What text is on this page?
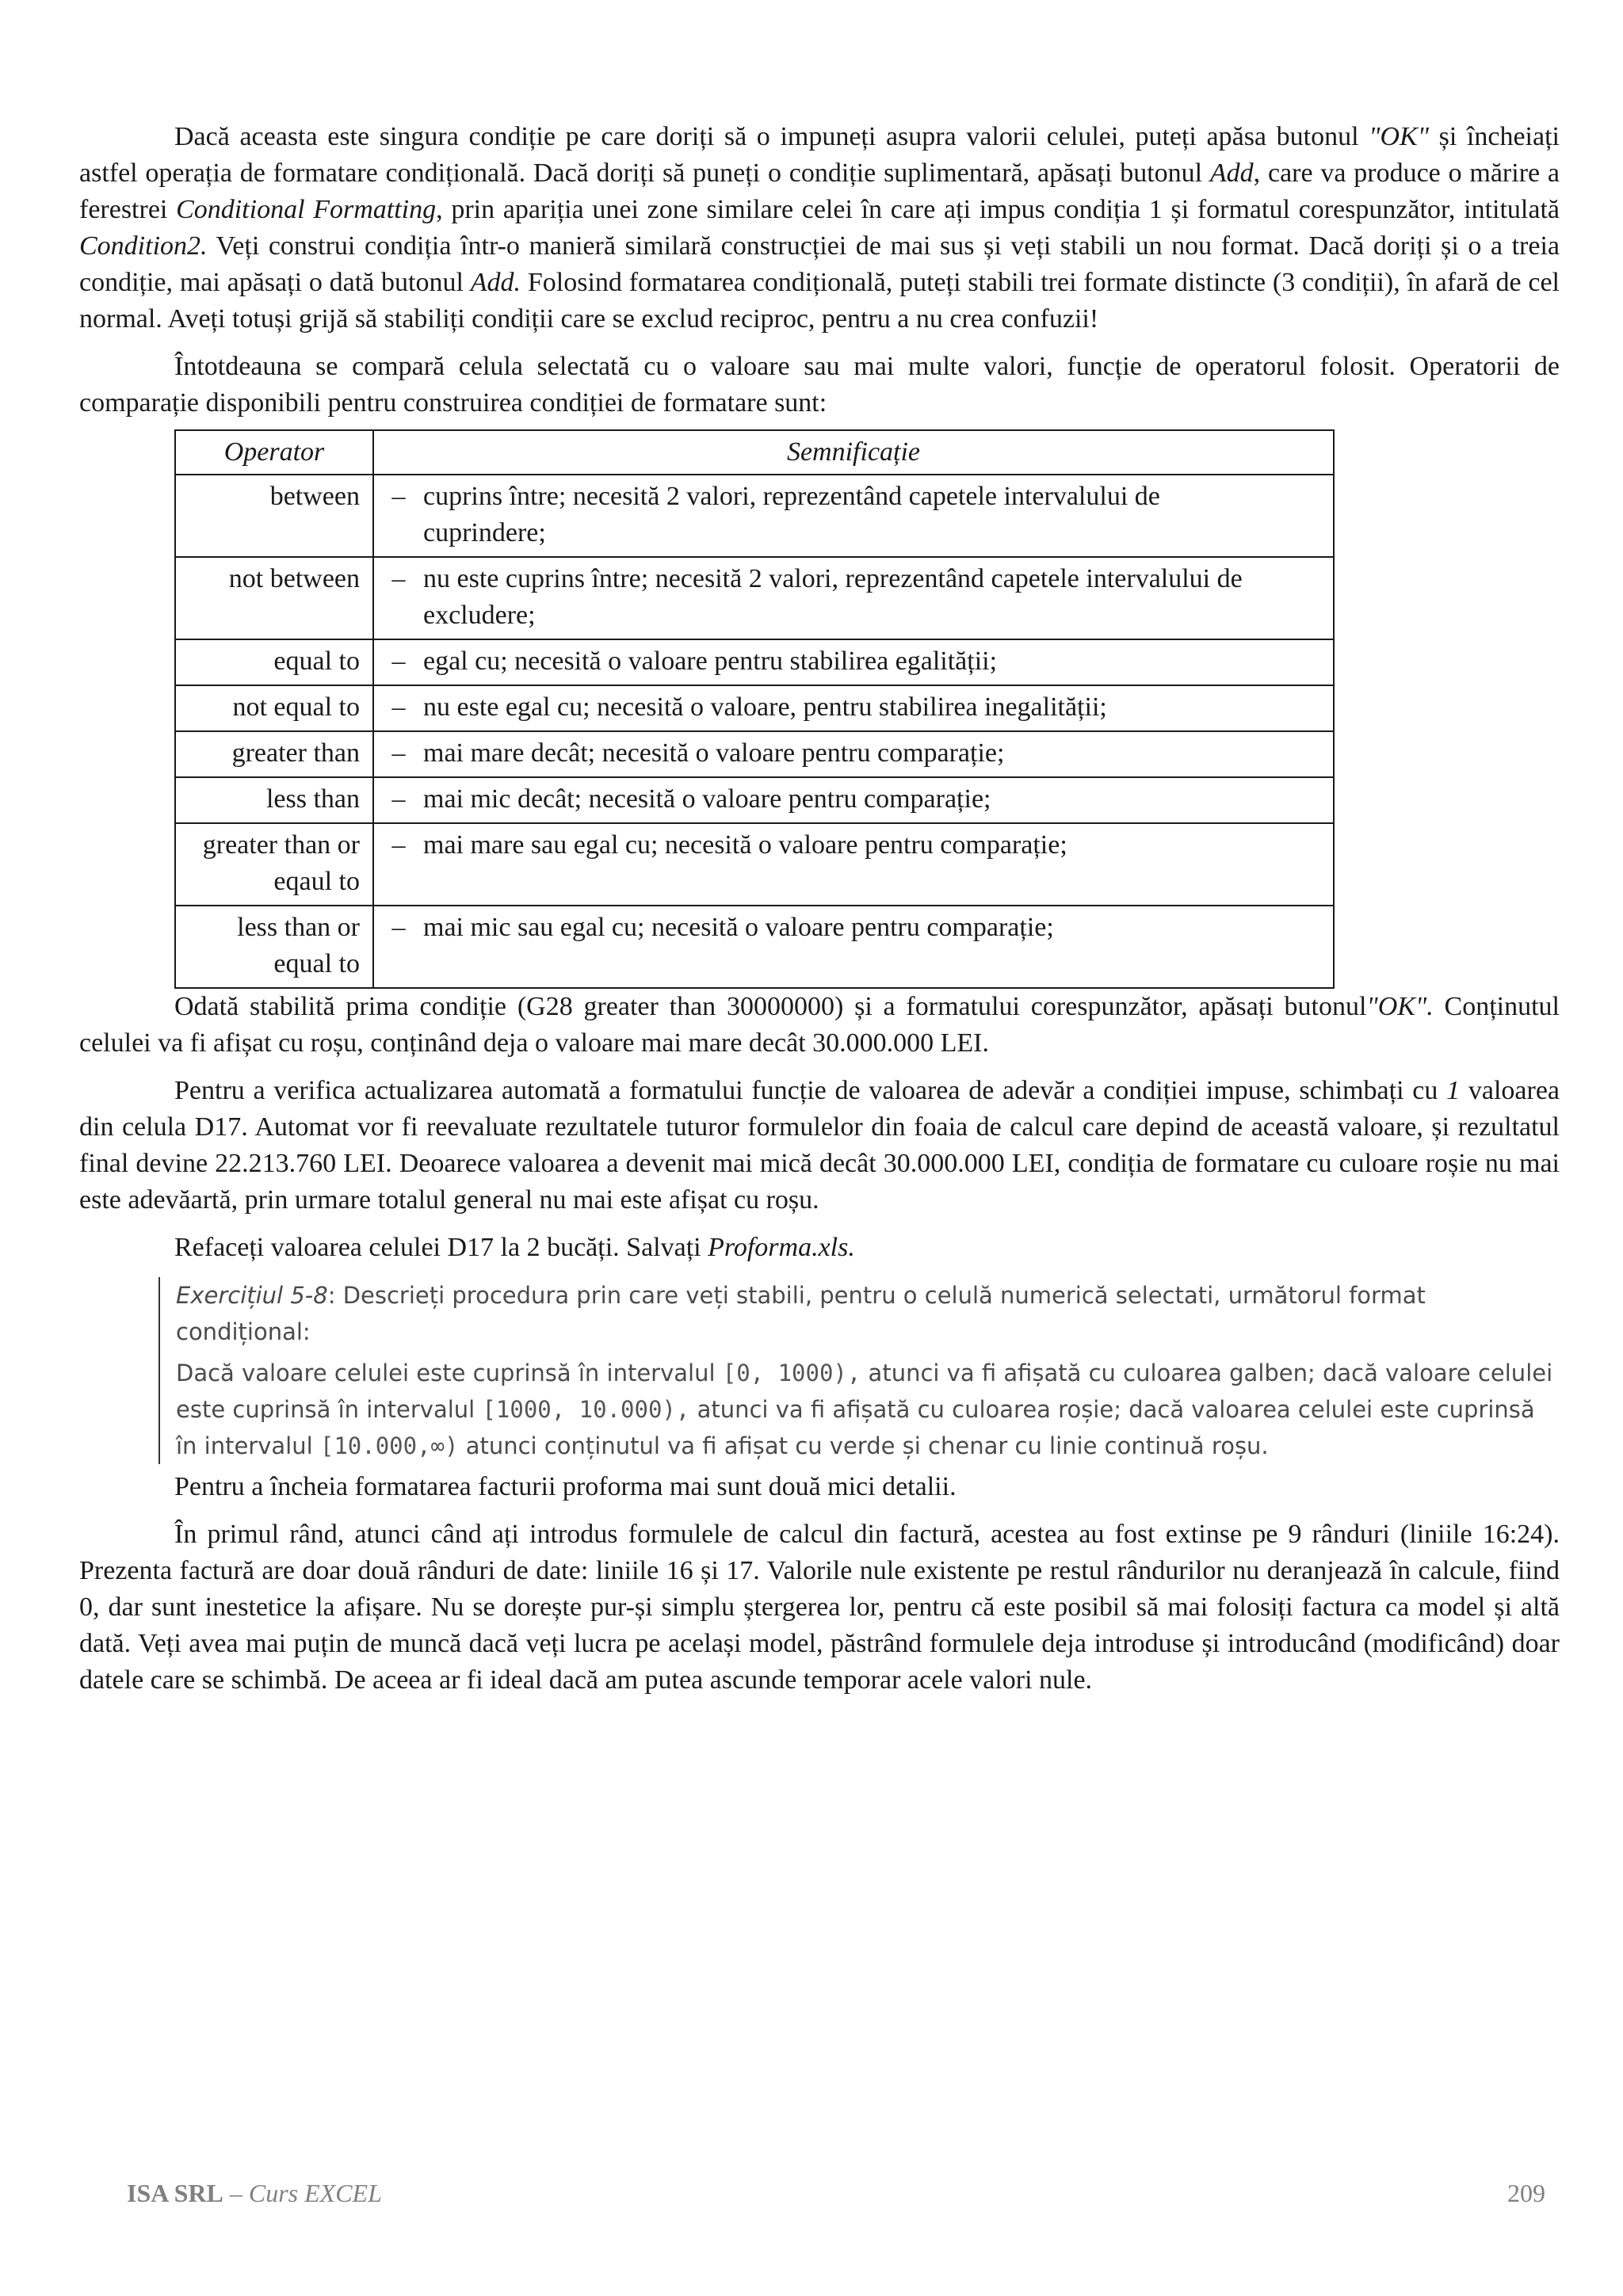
Dacă aceasta este singura condiție pe care doriți să o impuneți asupra valorii celulei, puteți apăsa butonul "OK" și încheiați astfel operația de formatare condițională. Dacă doriți să puneți o condiție suplimentară, apăsați butonul Add, care va produce o mărire a ferestrei Conditional Formatting, prin apariția unei zone similare celei în care ați impus condiția 1 și formatul corespunzător, intitulată Condition2. Veți construi condiția într-o manieră similară construcției de mai sus și veți stabili un nou format. Dacă doriți și o a treia condiție, mai apăsați o dată butonul Add. Folosind formatarea condițională, puteți stabili trei formate distincte (3 condiții), în afară de cel normal. Aveți totuși grijă să stabiliți condiții care se exclud reciproc, pentru a nu crea confuzii!

Întotdeauna se compară celula selectată cu o valoare sau mai multe valori, funcție de operatorul folosit. Operatorii de comparație disponibili pentru construirea condiției de formatare sunt:

Operator	Semnificație
between	– cuprins între; necesită 2 valori, reprezentând capetele intervalului de cuprindere;

not between	– nu este cuprins între; necesită 2 valori, reprezentând capetele intervalului de excludere;

equal to	– egal cu; necesită o valoare pentru stabilirea egalității;

not equal to	– nu este egal cu; necesită o valoare, pentru stabilirea inegalității;

greater than	– mai mare decât; necesită o valoare pentru comparație;

less than	– mai mic decât; necesită o valoare pentru comparație;

greater than or eqaul to	– mai mare sau egal cu; necesită o valoare pentru comparație;

less than or equal to	– mai mic sau egal cu; necesită o valoare pentru comparație;

Odată stabilită prima condiție (G28 greater than 30000000) și a formatului corespunzător, apăsați butonul"OK". Conținutul celulei va fi afișat cu roșu, conținând deja o valoare mai mare decât 30.000.000 LEI.

Pentru a verifica actualizarea automată a formatului funcție de valoarea de adevăr a condiției impuse, schimbați cu 1 valoarea din celula D17. Automat vor fi reevaluate rezultatele tuturor formulelor din foaia de calcul care depind de această valoare, și rezultatul final devine 22.213.760 LEI. Deoarece valoarea a devenit mai mică decât 30.000.000 LEI, condiția de formatare cu culoare roșie nu mai este adevăartă, prin urmare totalul general nu mai este afișat cu roșu.

Refaceți valoarea celulei D17 la 2 bucăți. Salvați Proforma.xls.

Exercițiul 5-8: Descrieți procedura prin care veți stabili, pentru o celulă numerică selectati, următorul format condițional:

Dacă valoare celulei este cuprinsă în intervalul [0, 1000), atunci va fi afișată cu culoarea galben; dacă valoare celulei este cuprinsă în intervalul [1000, 10.000), atunci va fi afișată cu culoarea roșie; dacă valoarea celulei este cuprinsă în intervalul [10.000,∞) atunci conținutul va fi afișat cu verde și chenar cu linie continuă roșu.

Pentru a încheia formatarea facturii proforma mai sunt două mici detalii.

În primul rând, atunci când ați introdus formulele de calcul din factură, acestea au fost extinse pe 9 rânduri (liniile 16:24). Prezenta factură are doar două rânduri de date: liniile 16 și 17. Valorile nule existente pe restul rândurilor nu deranjează în calcule, fiind 0, dar sunt inestetice la afișare. Nu se dorește pur-și simplu ștergerea lor, pentru că este posibil să mai folosiți factura ca model și altă dată. Veți avea mai puțin de muncă dacă veți lucra pe același model, păstrând formulele deja introduse și introducând (modificând) doar datele care se schimbă. De aceea ar fi ideal dacă am putea ascunde temporar acele valori nule.

ISA SRL – Curs EXCEL	209
